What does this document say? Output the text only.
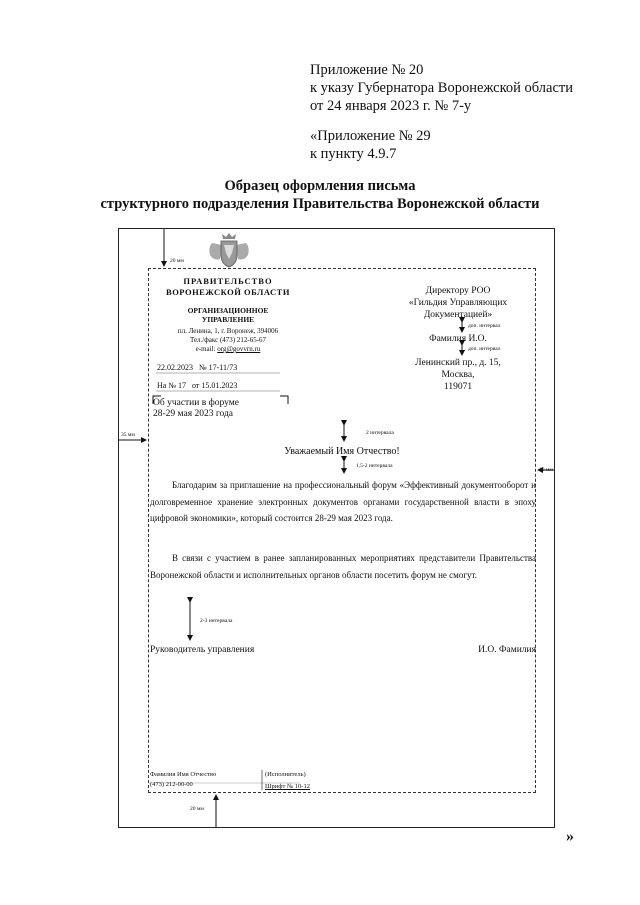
Приложение № 20
к указу Губернатора Воронежской области
от 24 января 2023 г. № 7-у
«Приложение № 29
к пункту 4.9.7
Образец оформления письма
структурного подразделения Правительства Воронежской области
20 мм
35 мм
10 мм
20 мм
ПРАВИТЕЛЬСТВО
ВОРОНЕЖСКОЙ ОБЛАСТИ
ОРГАНИЗАЦИОННОЕ
УПРАВЛЕНИЕ
пл. Ленина, 1, г. Воронеж, 394006
Тел./факс (473) 212-65-67
e-mail: org@govvrn.ru
22.02.2023 № 17-11/73
На № 17 от 15.01.2023
Об участии в форуме
28-29 мая 2023 года
Директору РОО
«Гильдия Управляющих
Документацией»
доп. интервал
Фамилия И.О.
доп. интервал
Ленинский пр., д. 15,
Москва,
119071
2 интервала
1,5-2 интервала
2-3 интервала
Уважаемый Имя Отчество!
Благодарим за приглашение на профессиональный форум «Эффективный документооборот и долговременное хранение электронных документов органами государственной власти в эпоху цифровой экономики», который состоится 28-29 мая 2023 года.
В связи с участием в ранее запланированных мероприятиях представители Правительства Воронежской области и исполнительных органов области посетить форум не смогут.
Руководитель управления	И.О. Фамилия
Фамилия Имя Отчество
(473) 212-00-00
(Исполнитель)
Шрифт № 10-12
»
